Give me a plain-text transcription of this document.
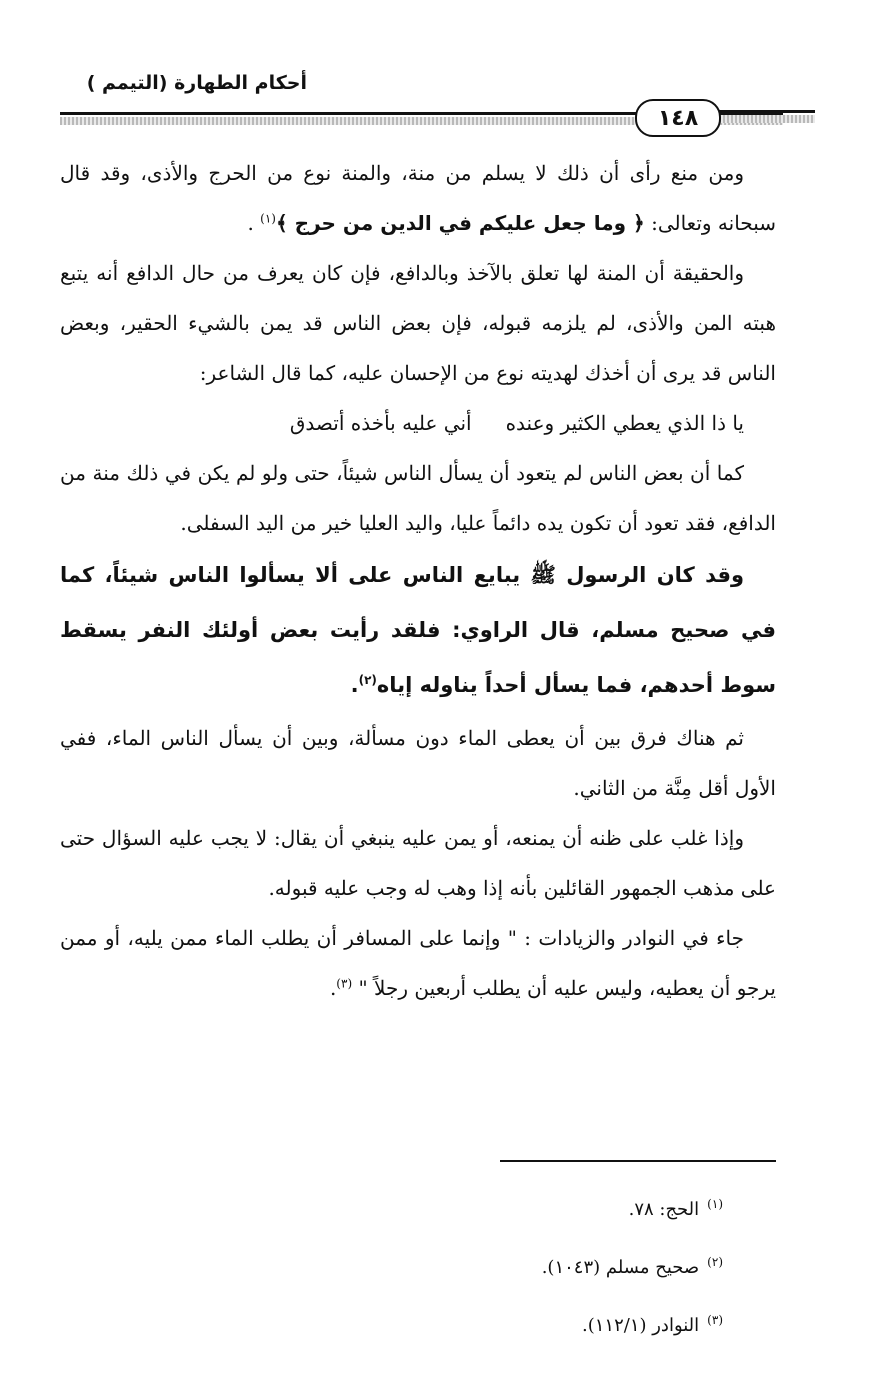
أحكام الطهارة (التيمم )
١٤٨

ومن منع رأى أن ذلك لا يسلم من منة، والمنة نوع من الحرج والأذى، وقد قال سبحانه وتعالى: ﴿ وما جعل عليكم في الدين من حرج ﴾$^{(١)}$ .

والحقيقة أن المنة لها تعلق بالآخذ وبالدافع، فإن كان يعرف من حال الدافع أنه يتبع هبته المن والأذى، لم يلزمه قبوله، فإن بعض الناس قد يمن بالشيء الحقير، وبعض الناس قد يرى أن أخذك لهديته نوع من الإحسان عليه، كما قال الشاعر:

يا ذا الذي يعطي الكثير وعندهأني عليه بأخذه أتصدق

كما أن بعض الناس لم يتعود أن يسأل الناس شيئاً، حتى ولو لم يكن في ذلك منة من الدافع، فقد تعود أن تكون يده دائماً عليا، واليد العليا خير من اليد السفلى.

وقد كان الرسول ﷺ يبايع الناس على ألا يسألوا الناس شيئاً، كما في صحيح مسلم، قال الراوي: فلقد رأيت بعض أولئك النفر يسقط سوط أحدهم، فما يسأل أحداً يناوله إياه$^{(٢)}$.

ثم هناك فرق بين أن يعطى الماء دون مسألة، وبين أن يسأل الناس الماء، ففي الأول أقل مِنَّة من الثاني.

وإذا غلب على ظنه أن يمنعه، أو يمن عليه ينبغي أن يقال: لا يجب عليه السؤال حتى على مذهب الجمهور القائلين بأنه إذا وهب له وجب عليه قبوله.

جاء في النوادر والزيادات : " وإنما على المسافر أن يطلب الماء ممن يليه، أو ممن يرجو أن يعطيه، وليس عليه أن يطلب أربعين رجلاً " $^{(٣)}$.

$^{(١)}$الحج: ٧٨.
$^{(٢)}$صحيح مسلم (١٠٤٣).
$^{(٣)}$النوادر (١١٢/١).
